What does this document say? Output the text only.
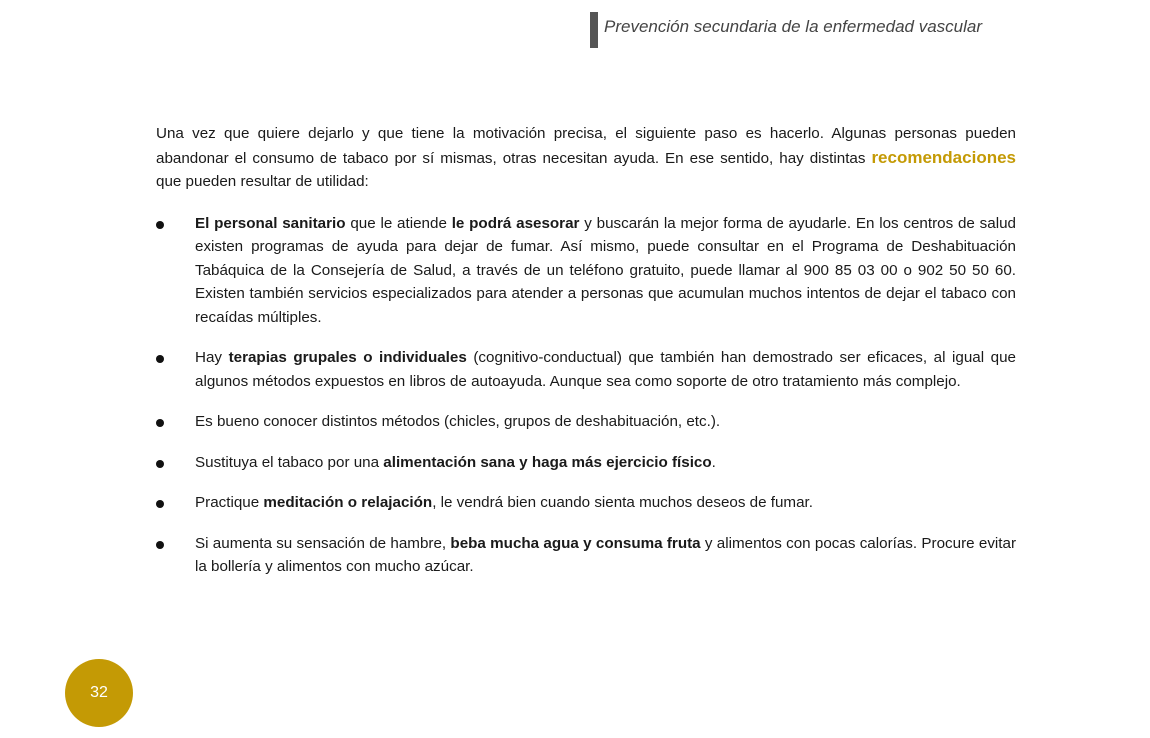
Prevención secundaria de la enfermedad vascular

Una vez que quiere dejarlo y que tiene la motivación precisa, el siguiente paso es hacerlo. Algunas personas pueden abandonar el consumo de tabaco por sí mismas, otras necesitan ayuda. En ese sentido, hay distintas recomendaciones que pueden resultar de utilidad:

El personal sanitario que le atiende le podrá asesorar y buscarán la mejor forma de ayudarle. En los centros de salud existen programas de ayuda para dejar de fumar. Así mismo, puede consultar en el Programa de Deshabituación Tabáquica de la Consejería de Salud, a través de un teléfono gratuito, puede llamar al 900 85 03 00 o 902 50 50 60. Existen también servicios especializados para atender a personas que acumulan muchos intentos de dejar el tabaco con recaídas múltiples.
Hay terapias grupales o individuales (cognitivo-conductual) que también han demostrado ser eficaces, al igual que algunos métodos expuestos en libros de autoayuda. Aunque sea como soporte de otro tratamiento más complejo.
Es bueno conocer distintos métodos (chicles, grupos de deshabituación, etc.).
Sustituya el tabaco por una alimentación sana y haga más ejercicio físico.
Practique meditación o relajación, le vendrá bien cuando sienta muchos deseos de fumar.
Si aumenta su sensación de hambre, beba mucha agua y consuma fruta y alimentos con pocas calorías. Procure evitar la bollería y alimentos con mucho azúcar.
32
